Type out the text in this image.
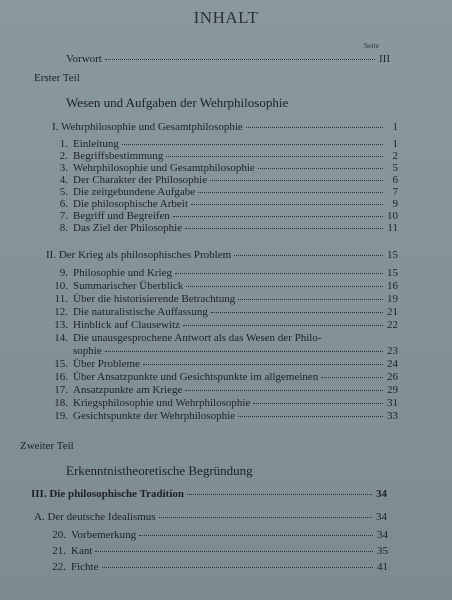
INHALT
Seite
Vorwort	III
Erster Teil
Wesen und Aufgaben der Wehrphilosophie
I. Wehrphilosophie und Gesamtphilosophie	1
1. Einleitung	1
2. Begriffsbestimmung	2
3. Wehrphilosophie und Gesamtphilosophie	5
4. Der Charakter der Philosophie	6
5. Die zeitgebundene Aufgabe	7
6. Die philosophische Arbeit	9
7. Begriff und Begreifen	10
8. Das Ziel der Philosophie	11
II. Der Krieg als philosophisches Problem	15
9. Philosophie und Krieg	15
10. Summarischer Überblick	16
11. Über die historisierende Betrachtung	19
12. Die naturalistische Auffassung	21
13. Hinblick auf Clausewitz	22
14. Die unausgesprochene Antwort als das Wesen der Philo-
sophie	23
15. Über Probleme	24
16. Über Ansatzpunkte und Gesichtspunkte im allgemeinen	26
17. Ansatzpunkte am Kriege	29
18. Kriegsphilosophie und Wehrphilosophie	31
19. Gesichtspunkte der Wehrphilosophie	33
Zweiter Teil
Erkenntnistheoretische Begründung
III. Die philosophische Tradition	34
A. Der deutsche Idealismus	34
20. Vorbemerkung	34
21. Kant	35
22. Fichte	41
